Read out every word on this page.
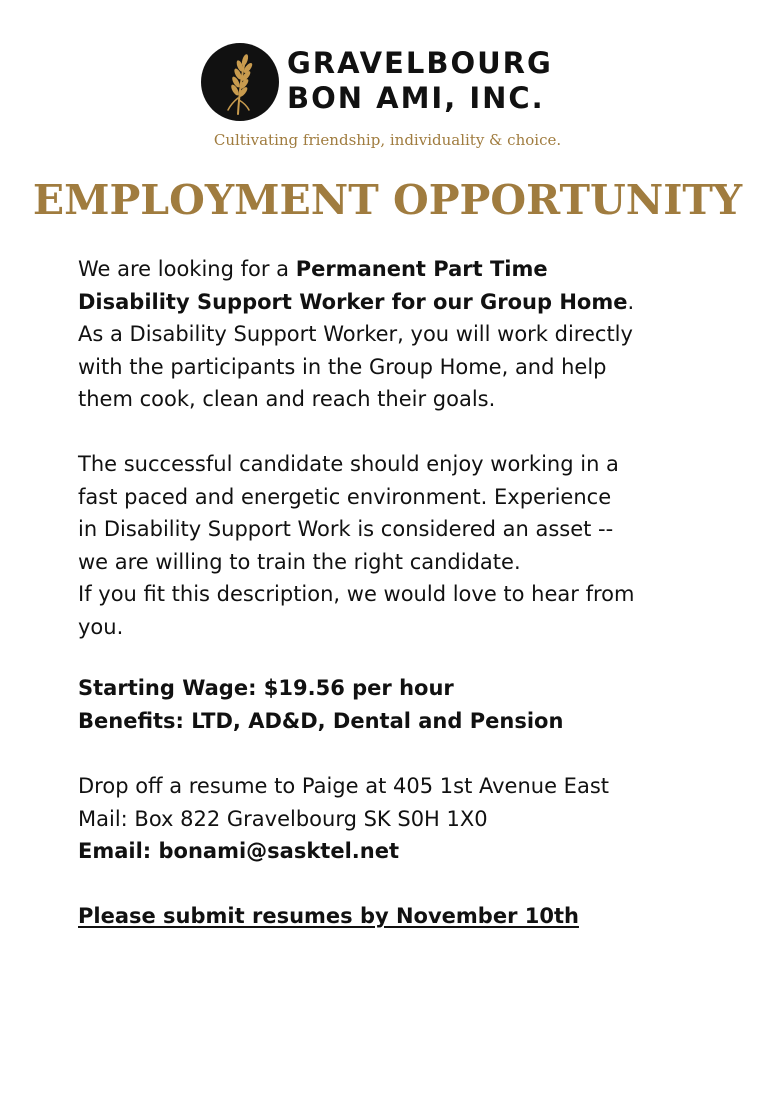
GRAVELBOURG
BON AMI, INC.
Cultivating friendship, individuality & choice.
EMPLOYMENT OPPORTUNITY
We are looking for a Permanent Part Time
Disability Support Worker for our Group Home.
As a Disability Support Worker, you will work directly
with the participants in the Group Home, and help
them cook, clean and reach their goals.
The successful candidate should enjoy working in a
fast paced and energetic environment. Experience
in Disability Support Work is considered an asset --
we are willing to train the right candidate.
If you fit this description, we would love to hear from
you.
Starting Wage: $19.56 per hour
Benefits: LTD, AD&D, Dental and Pension
Drop off a resume to Paige at 405 1st Avenue East
Mail: Box 822 Gravelbourg SK S0H 1X0
Email: bonami@sasktel.net
Please submit resumes by November 10th
